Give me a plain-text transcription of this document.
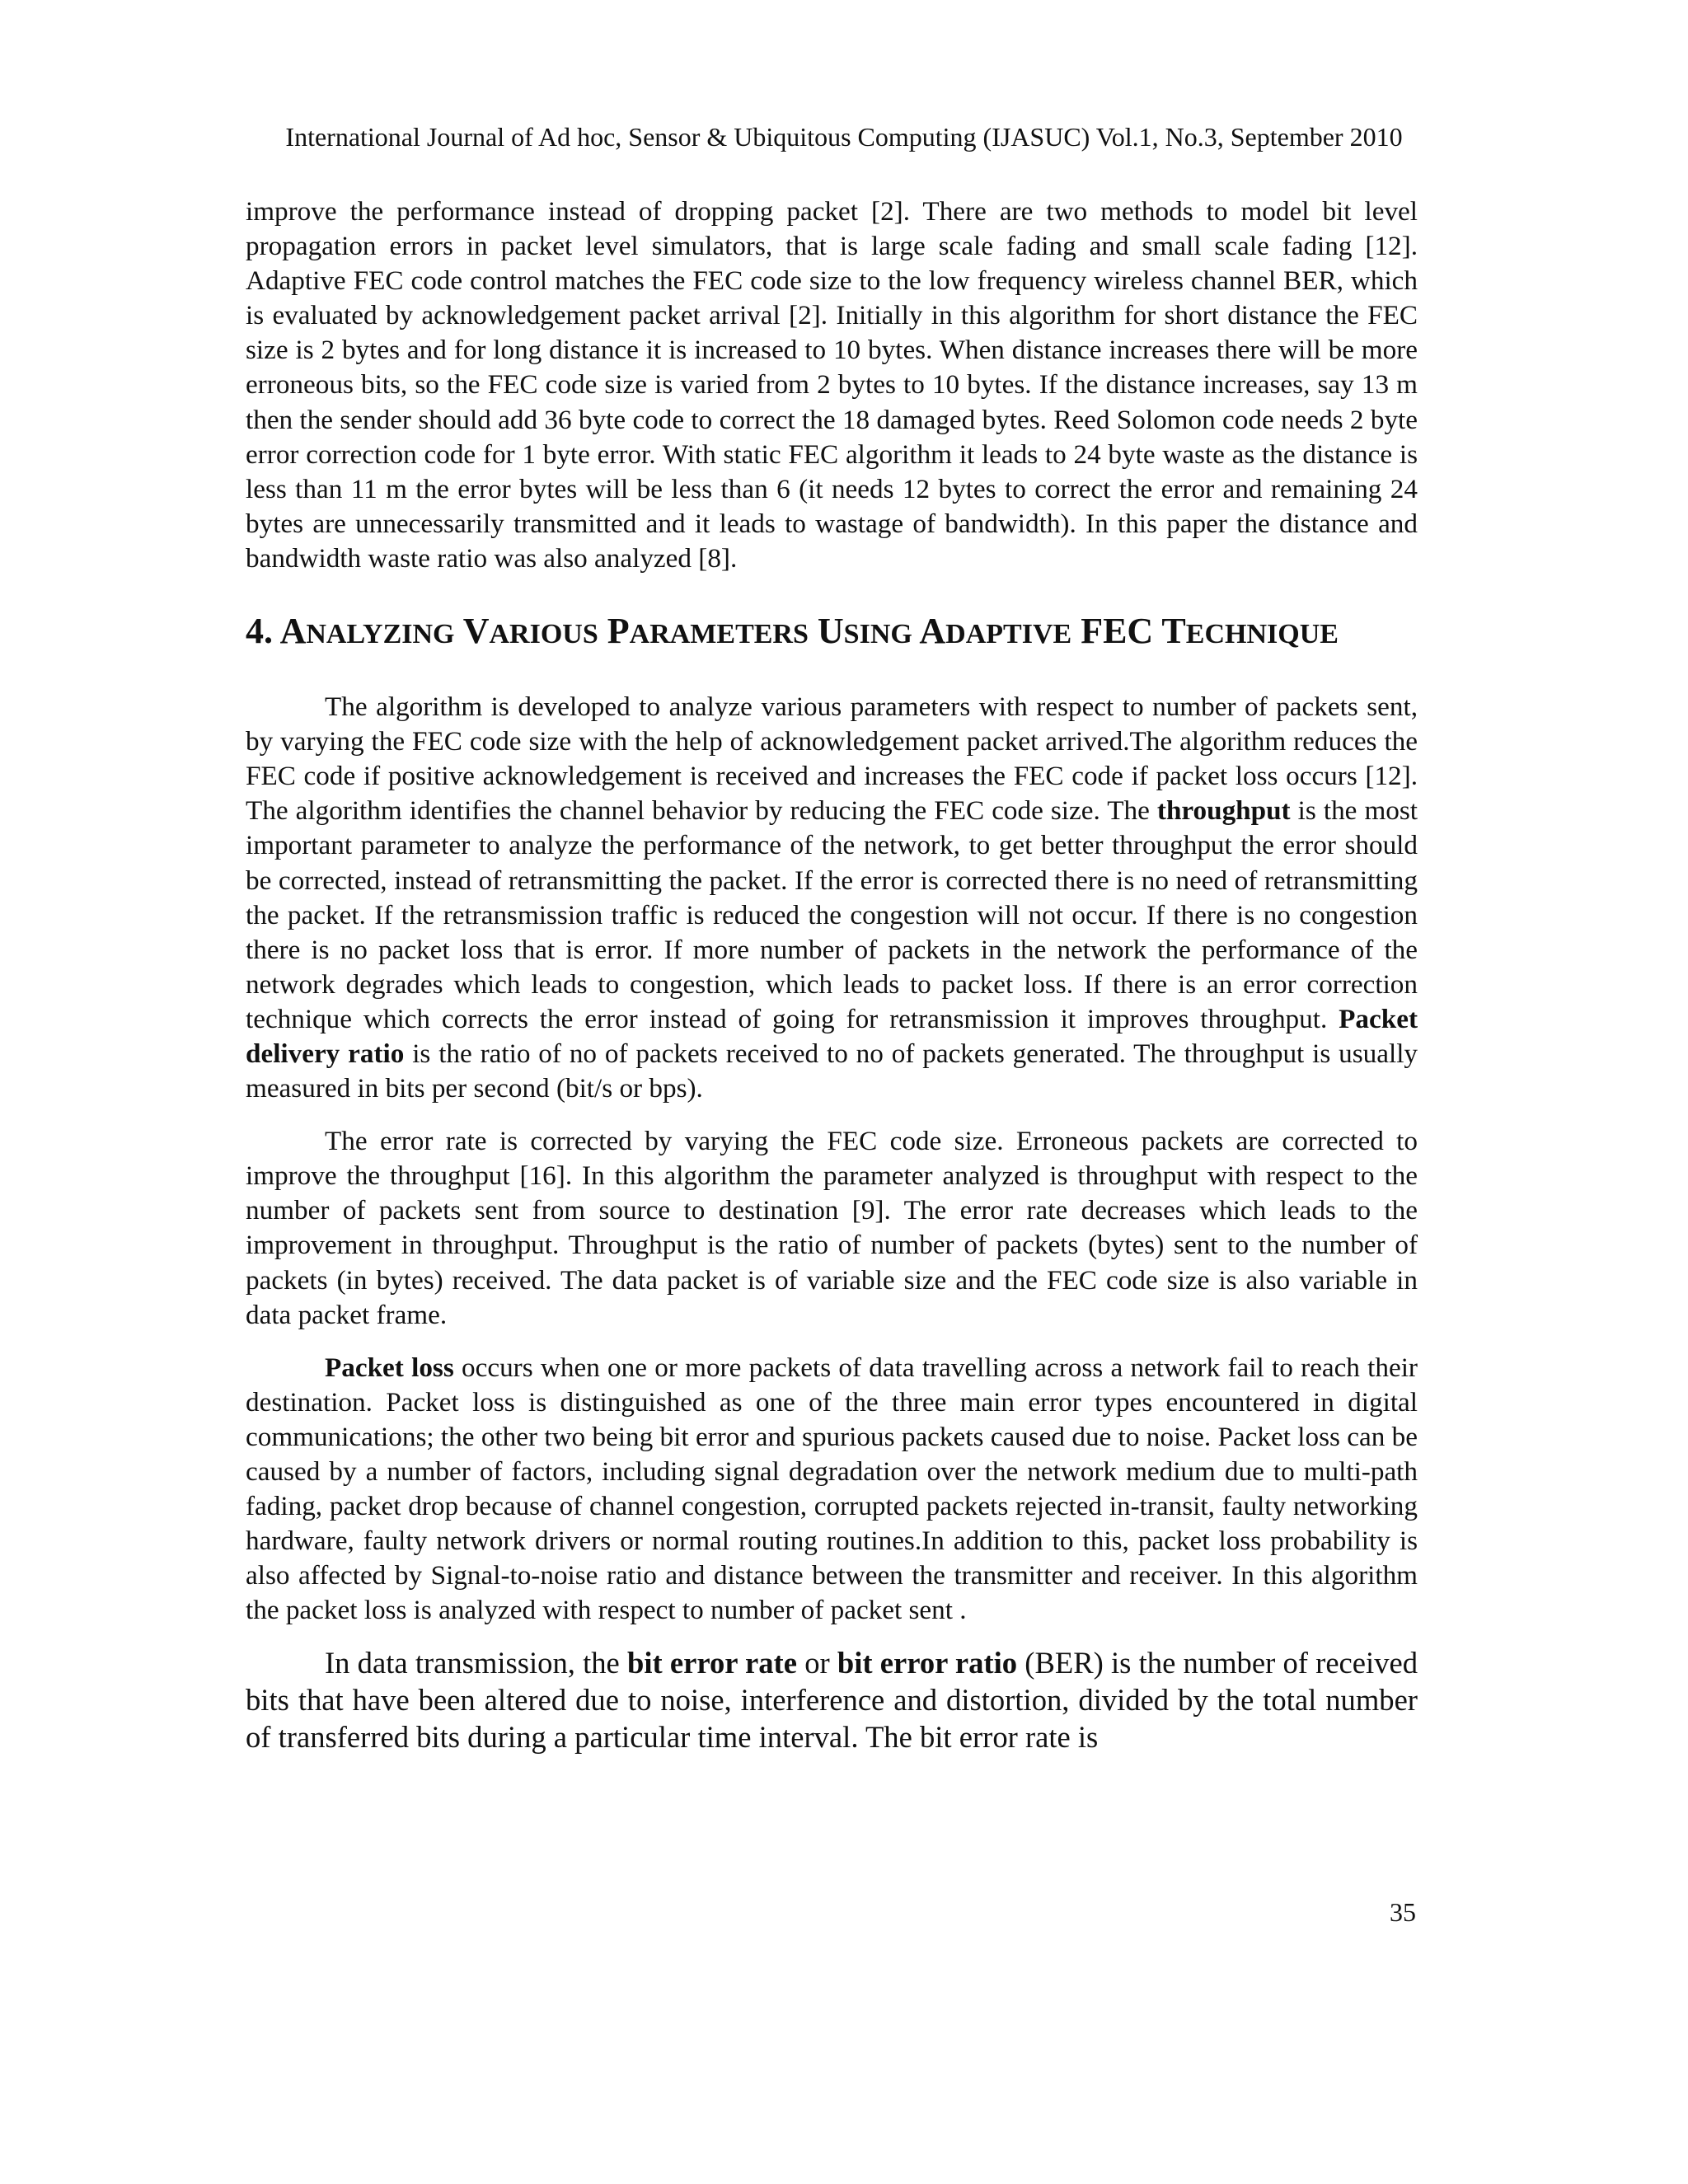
International Journal of Ad hoc, Sensor & Ubiquitous Computing (IJASUC) Vol.1, No.3, September 2010

improve the performance instead of dropping packet [2]. There are two methods to model bit level propagation errors in packet level simulators, that is large scale fading and small scale fading [12]. Adaptive FEC code control matches the FEC code size to the low frequency wireless channel BER, which is evaluated by acknowledgement packet arrival [2]. Initially in this algorithm for short distance the FEC size is 2 bytes and for long distance it is increased to 10 bytes. When distance increases there will be more erroneous bits, so the FEC code size is varied from 2 bytes to 10 bytes. If the distance increases, say 13 m then the sender should add 36 byte code to correct the 18 damaged bytes. Reed Solomon code needs 2 byte error correction code for 1 byte error. With static FEC algorithm it leads to 24 byte waste as the distance is less than 11 m the error bytes will be less than 6 (it needs 12 bytes to correct the error and remaining 24 bytes are unnecessarily transmitted and it leads to wastage of bandwidth). In this paper the distance and bandwidth waste ratio was also analyzed [8].

4. ANALYZING VARIOUS PARAMETERS USING ADAPTIVE FEC TECHNIQUE

The algorithm is developed to analyze various parameters with respect to number of packets sent, by varying the FEC code size with the help of acknowledgement packet arrived.The algorithm reduces the FEC code if positive acknowledgement is received and increases the FEC code if packet loss occurs [12]. The algorithm identifies the channel behavior by reducing the FEC code size. The throughput is the most important parameter to analyze the performance of the network, to get better throughput the error should be corrected, instead of retransmitting the packet. If the error is corrected there is no need of retransmitting the packet. If the retransmission traffic is reduced the congestion will not occur. If there is no congestion there is no packet loss that is error. If more number of packets in the network the performance of the network degrades which leads to congestion, which leads to packet loss. If there is an error correction technique which corrects the error instead of going for retransmission it improves throughput. Packet delivery ratio is the ratio of no of packets received to no of packets generated. The throughput is usually measured in bits per second (bit/s or bps).

The error rate is corrected by varying the FEC code size. Erroneous packets are corrected to improve the throughput [16]. In this algorithm the parameter analyzed is throughput with respect to the number of packets sent from source to destination [9]. The error rate decreases which leads to the improvement in throughput. Throughput is the ratio of number of packets (bytes) sent to the number of packets (in bytes) received. The data packet is of variable size and the FEC code size is also variable in data packet frame.

Packet loss occurs when one or more packets of data travelling across a network fail to reach their destination. Packet loss is distinguished as one of the three main error types encountered in digital communications; the other two being bit error and spurious packets caused due to noise. Packet loss can be caused by a number of factors, including signal degradation over the network medium due to multi-path fading, packet drop because of channel congestion, corrupted packets rejected in-transit, faulty networking hardware, faulty network drivers or normal routing routines.In addition to this, packet loss probability is also affected by Signal-to-noise ratio and distance between the transmitter and receiver. In this algorithm the packet loss is analyzed with respect to number of packet sent .

In data transmission, the bit error rate or bit error ratio (BER) is the number of received bits that have been altered due to noise, interference and distortion, divided by the total number of transferred bits during a particular time interval. The bit error rate is

35
